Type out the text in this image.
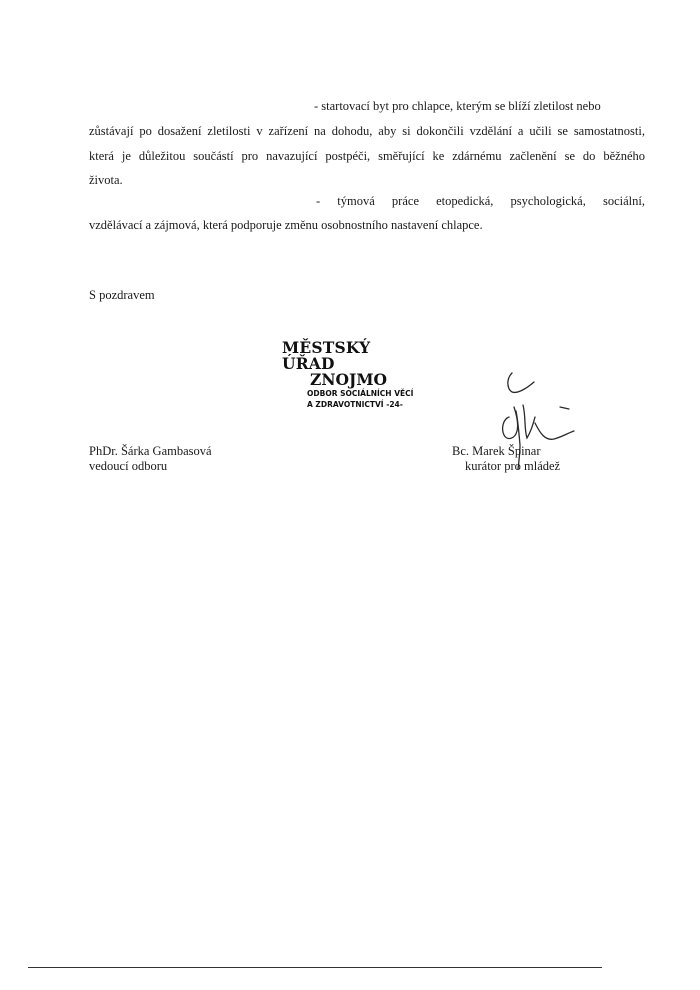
- startovací byt pro chlapce, kterým se blíží zletilost nebo
zůstávají po dosažení zletilosti v zařízení na dohodu, aby si dokončili vzdělání a učili se samostatnosti,
která je důležitou součástí pro navazující postpéči, směřující ke zdárnému začlenění se do běžného
života.
- týmová práce etopedická, psychologická, sociální,
vzdělávací a zájmová, která podporuje změnu osobnostního nastavení chlapce.
S pozdravem
MĚSTSKÝ ÚŘAD
ZNOJMO
ODBOR SOCIÁLNÍCH VĚCÍ
A ZDRAVOTNICTVÍ -24-
PhDr. Šárka Gambasová
vedoucí odboru
Bc. Marek Špinar
kurátor pro mládež
